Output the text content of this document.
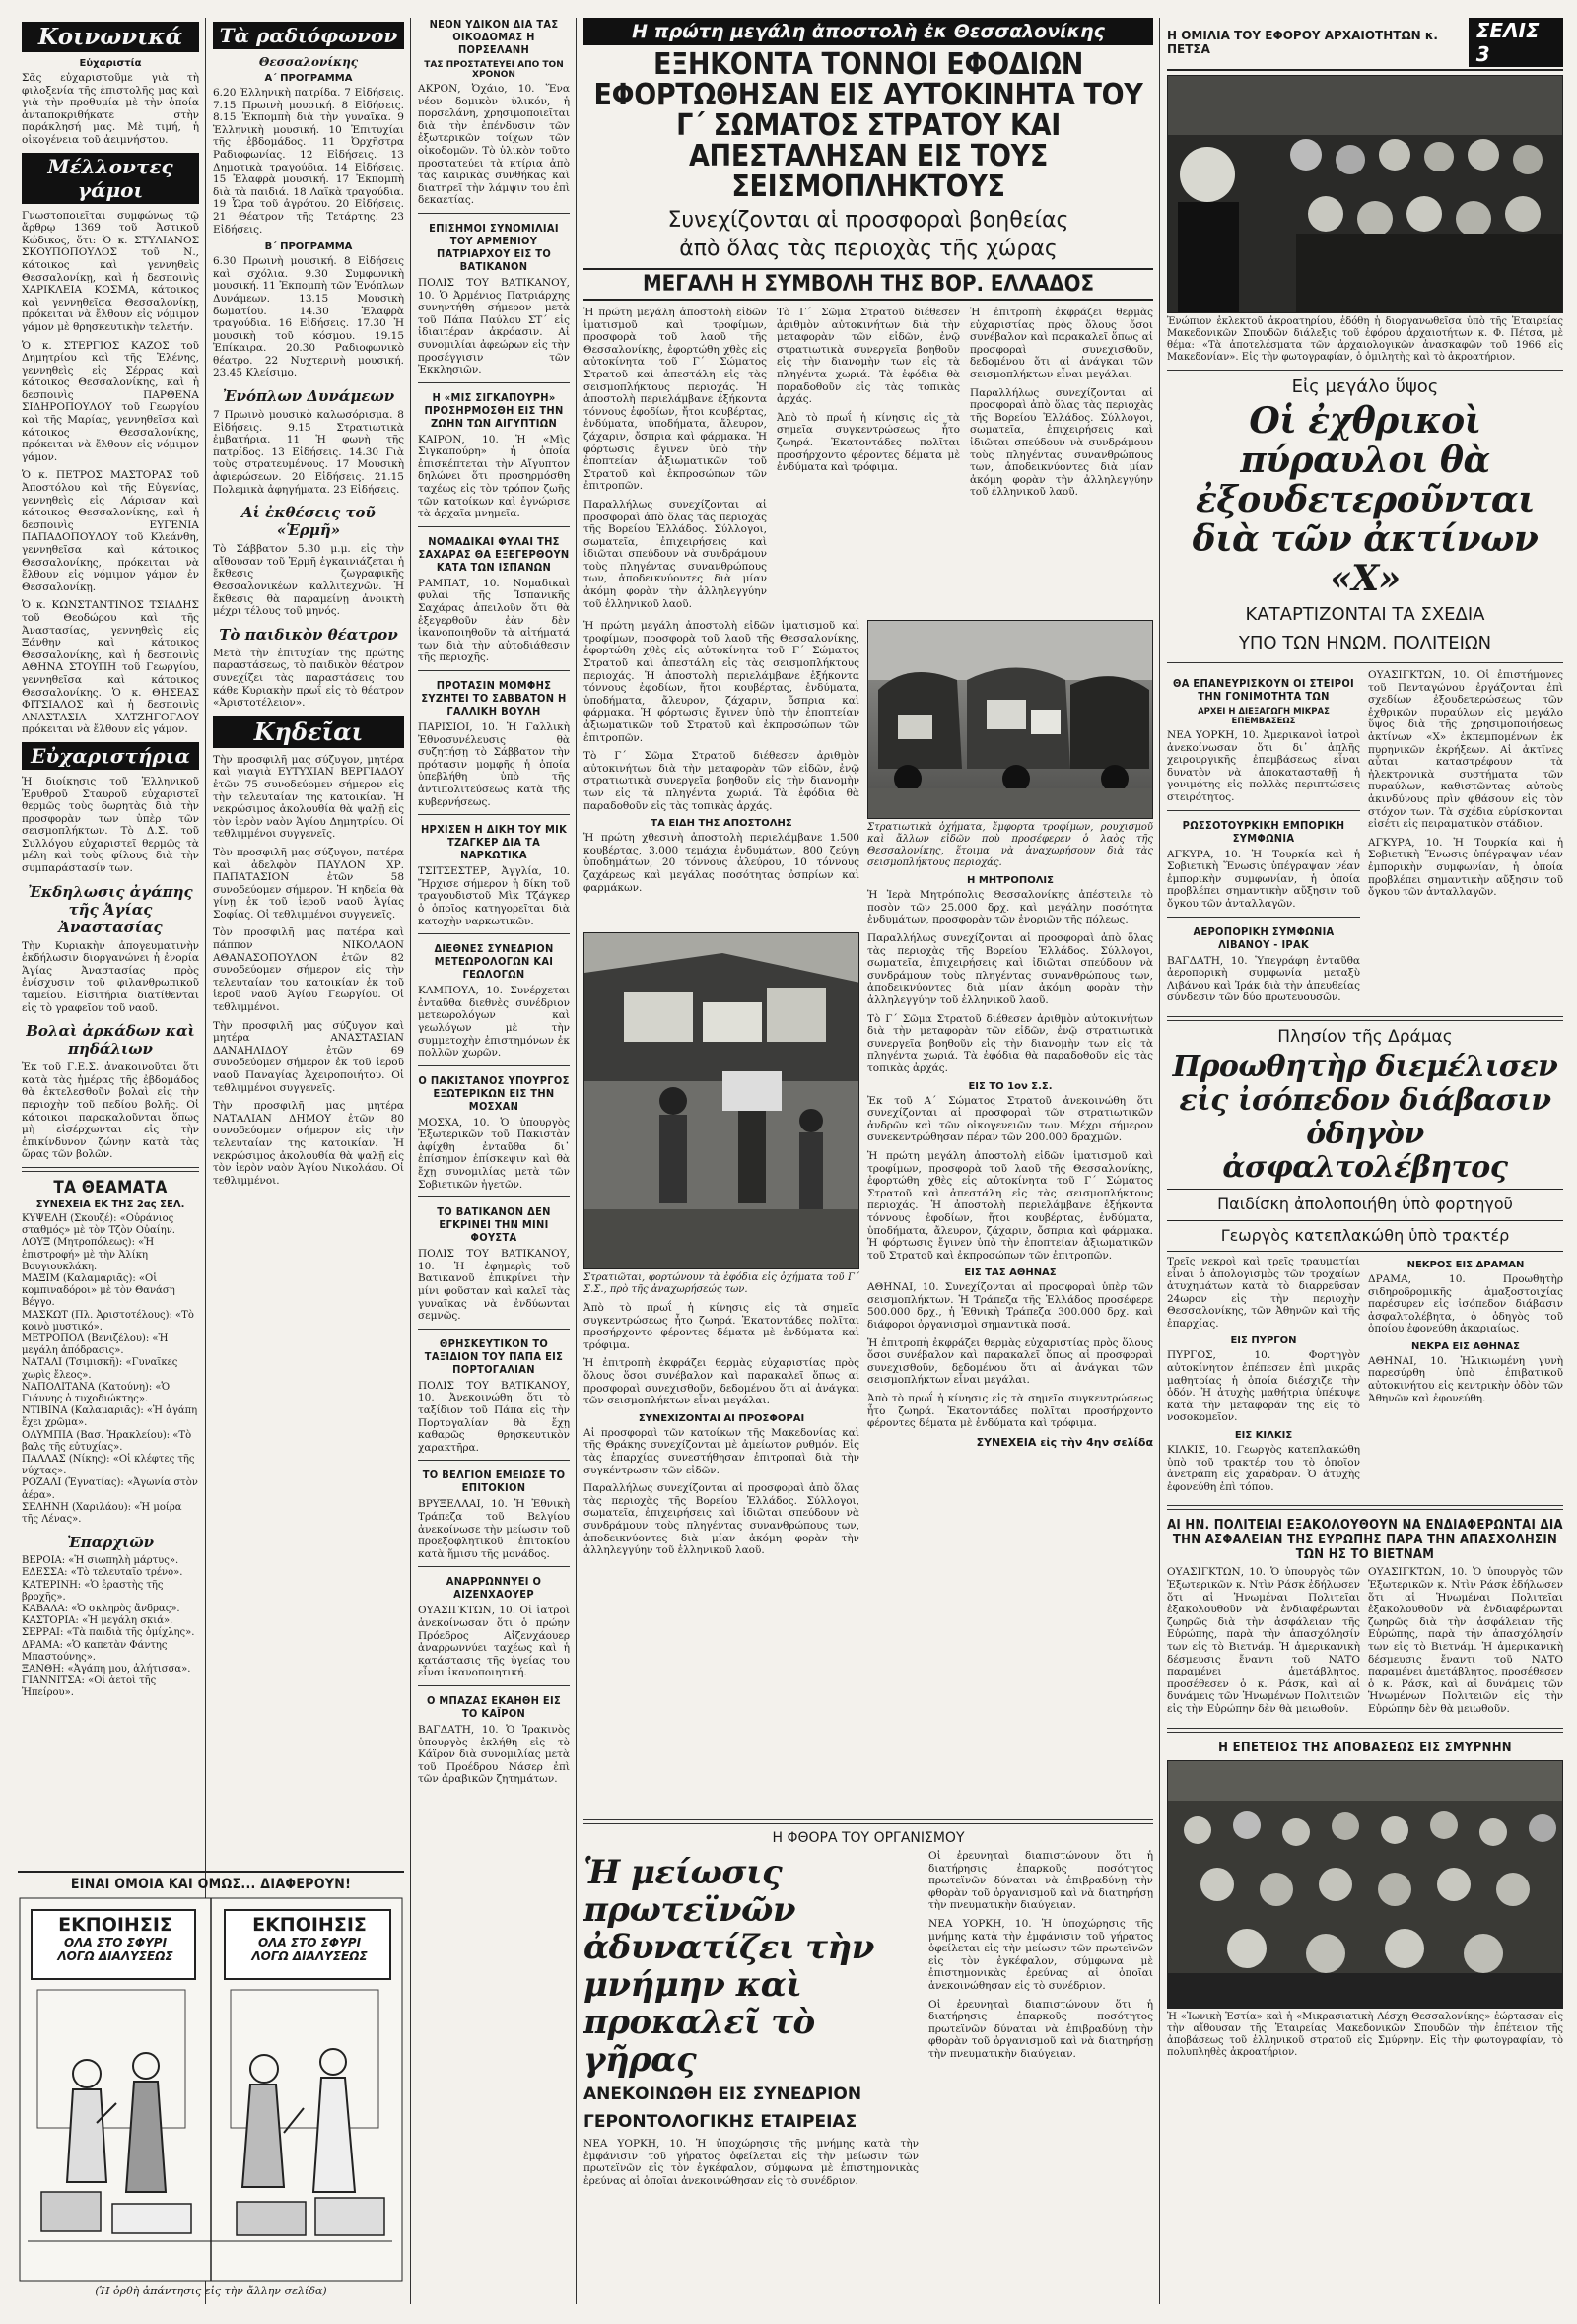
Κοινωνικά
Εὐχαριστία

Σᾶς εὐχαριστοῦμε γιὰ τὴ φιλοξενία τῆς ἐπιστολῆς μας καὶ γιὰ τὴν προθυμία μὲ τὴν ὁποία ἀνταποκριθήκατε στὴν παράκλησή μας. Μὲ τιμή, ἡ οἰκογένεια τοῦ ἀειμνήστου.

Μέλλοντες γάμοι

Γνωστοποιεῖται συμφώνως τῷ ἄρθρῳ 1369 τοῦ Ἀστικοῦ Κώδικος, ὅτι: Ὁ κ. ΣΤΥΛΙΑΝΟΣ ΣΚΟΥΠΟΠΟΥΛΟΣ τοῦ Ν., κάτοικος καὶ γεννηθεὶς Θεσσαλονίκῃ, καὶ ἡ δεσποινὶς ΧΑΡΙΚΛΕΙΑ ΚΟΣΜΑ, κάτοικος καὶ γεννηθεῖσα Θεσσαλονίκῃ, πρόκειται νὰ ἔλθουν εἰς νόμιμον γάμον μὲ θρησκευτικὴν τελετήν.

Ὁ κ. ΣΤΕΡΓΙΟΣ ΚΑΖΟΣ τοῦ Δημητρίου καὶ τῆς Ἑλένης, γεννηθεὶς εἰς Σέρρας καὶ κάτοικος Θεσσαλονίκης, καὶ ἡ δεσποινὶς ΠΑΡΘΕΝΑ ΣΙΔΗΡΟΠΟΥΛΟΥ τοῦ Γεωργίου καὶ τῆς Μαρίας, γεννηθεῖσα καὶ κάτοικος Θεσσαλονίκης, πρόκειται νὰ ἔλθουν εἰς νόμιμον γάμον.

Ὁ κ. ΠΕΤΡΟΣ ΜΑΣΤΟΡΑΣ τοῦ Ἀποστόλου καὶ τῆς Εὐγενίας, γεννηθεὶς εἰς Λάρισαν καὶ κάτοικος Θεσσαλονίκης, καὶ ἡ δεσποινὶς ΕΥΓΕΝΙΑ ΠΑΠΑΔΟΠΟΥΛΟΥ τοῦ Κλεάνθη, γεννηθεῖσα καὶ κάτοικος Θεσσαλονίκης, πρόκειται νὰ ἔλθουν εἰς νόμιμον γάμον ἐν Θεσσαλονίκῃ.

Ὁ κ. ΚΩΝΣΤΑΝΤΙΝΟΣ ΤΣΙΑΔΗΣ τοῦ Θεοδώρου καὶ τῆς Ἀναστασίας, γεννηθεὶς εἰς Ξάνθην καὶ κάτοικος Θεσσαλονίκης, καὶ ἡ δεσποινὶς ΑΘΗΝΑ ΣΤΟΥΠΗ τοῦ Γεωργίου, γεννηθεῖσα καὶ κάτοικος Θεσσαλονίκης. Ὁ κ. ΘΗΣΕΑΣ ΦΙΤΣΙΑΛΟΣ καὶ ἡ δεσποινὶς ΑΝΑΣΤΑΣΙΑ ΧΑΤΖΗΓΟΓΛΟΥ πρόκειται νὰ ἔλθουν εἰς γάμον.

Εὐχαριστήρια

Ἡ διοίκησις τοῦ Ἑλληνικοῦ Ἐρυθροῦ Σταυροῦ εὐχαριστεῖ θερμῶς τοὺς δωρητὰς διὰ τὴν προσφορὰν των ὑπὲρ τῶν σεισμοπλήκτων. Τὸ Δ.Σ. τοῦ Συλλόγου εὐχαριστεῖ θερμῶς τὰ μέλη καὶ τοὺς φίλους διὰ τὴν συμπαράστασίν των.

Ἐκδηλωσις ἀγάπης τῆς Ἁγίας Ἀναστασίας

Τὴν Κυριακὴν ἀπογευματινὴν ἐκδήλωσιν διοργανώνει ἡ ἐνορία Ἁγίας Ἀναστασίας πρὸς ἐνίσχυσιν τοῦ φιλανθρωπικοῦ ταμείου. Εἰσιτήρια διατίθενται εἰς τὸ γραφεῖον τοῦ ναοῦ.

Βολαὶ ἀρκάδων καὶ πηδάλιων

Ἐκ τοῦ Γ.Ε.Σ. ἀνακοινοῦται ὅτι κατὰ τὰς ἡμέρας τῆς ἐβδομάδος θὰ ἐκτελεσθοῦν βολαὶ εἰς τὴν περιοχὴν τοῦ πεδίου βολῆς. Οἱ κάτοικοι παρακαλοῦνται ὅπως μὴ εἰσέρχωνται εἰς τὴν ἐπικίνδυνον ζώνην κατὰ τὰς ὥρας τῶν βολῶν.

ΤΑ ΘΕΑΜΑΤΑ
ΣΥΝΕΧΕΙΑ ΕΚ ΤΗΣ 2ας ΣΕΛ.

ΚΥΨΕΛΗ (Σκουζέ): «Οὐράνιος σταθμός» μὲ τὸν Τζὸν Οὐαίην.

ΛΟΥΞ (Μητροπόλεως): «Ἡ ἐπιστροφή» μὲ τὴν Ἀλίκη Βουγιουκλάκη.

ΜΑΞΙΜ (Καλαμαριᾶς): «Οἱ κομπιναδόροι» μὲ τὸν Θανάση Βέγγο.

ΜΑΣΚΩΤ (Πλ. Ἀριστοτέλους): «Τὸ κοινὸ μυστικό».

ΜΕΤΡΟΠΟΛ (Βενιζέλου): «Ἡ μεγάλη ἀπόδρασις».

ΝΑΤΑΛΙ (Τσιμισκῆ): «Γυναῖκες χωρὶς ἔλεος».

ΝΑΠΟΛΙΤΑΝΑ (Κατούνη): «Ὁ Γιάννης ὁ τυχοδιώκτης».

ΝΤΙΒΙΝΑ (Καλαμαριᾶς): «Ἡ ἀγάπη ἔχει χρῶμα».

ΟΛΥΜΠΙΑ (Βασ. Ἡρακλείου): «Τὸ βαλς τῆς εὐτυχίας».

ΠΑΛΛΑΣ (Νίκης): «Οἱ κλέφτες τῆς νύχτας».

ΡΟΖΑΛΙ (Ἐγνατίας): «Ἀγωνία στὸν ἀέρα».

ΣΕΛΗΝΗ (Χαριλάου): «Ἡ μοίρα τῆς Λένας».

Ἐπαρχιῶν

ΒΕΡΟΙΑ: «Ἡ σιωπηλὴ μάρτυς».

ΕΔΕΣΣΑ: «Τὸ τελευταῖο τρένο».

ΚΑΤΕΡΙΝΗ: «Ὁ ἐραστὴς τῆς βροχῆς».

ΚΑΒΑΛΑ: «Ὁ σκληρὸς ἄνδρας».

ΚΑΣΤΟΡΙΑ: «Ἡ μεγάλη σκιά».

ΣΕΡΡΑΙ: «Τὰ παιδιὰ τῆς ὁμίχλης».

ΔΡΑΜΑ: «Ὁ καπετὰν Φάντης Μπαστούνης».

ΞΑΝΘΗ: «Ἀγάπη μου, ἀλήτισσα».

ΓΙΑΝΝΙΤΣΑ: «Οἱ ἀετοὶ τῆς Ἠπείρου».

ΕΙΝΑΙ ΟΜΟΙΑ ΚΑΙ ΟΜΩΣ... ΔΙΑΦΕΡΟΥΝ!
ΕΚΠΟΙΗΣΙΣ
ΟΛΑ ΣΤΟ ΣΦΥΡΙ
ΛΟΓΩ ΔΙΑΛΥΣΕΩΣ
ΕΚΠΟΙΗΣΙΣ
ΟΛΑ ΣΤΟ ΣΦΥΡΙ
ΛΟΓΩ ΔΙΑΛΥΣΕΩΣ
(Ἡ ὀρθὴ ἀπάντησις εἰς τὴν ἄλλην σελίδα)
Τὰ ραδιόφωνον
Θεσσαλονίκης
Α΄ ΠΡΟΓΡΑΜΜΑ

6.20 Ἑλληνικὴ πατρίδα. 7 Εἰδήσεις. 7.15 Πρωινὴ μουσική. 8 Εἰδήσεις. 8.15 Ἐκπομπὴ διὰ τὴν γυναῖκα. 9 Ἑλληνικὴ μουσική. 10 Ἐπιτυχίαι τῆς ἑβδομάδος. 11 Ὀρχῆστρα Ραδιοφωνίας. 12 Εἰδήσεις. 13 Δημοτικὰ τραγούδια. 14 Εἰδήσεις. 15 Ἐλαφρὰ μουσική. 17 Ἐκπομπὴ διὰ τὰ παιδιά. 18 Λαϊκὰ τραγούδια. 19 Ὧρα τοῦ ἀγρότου. 20 Εἰδήσεις. 21 Θέατρον τῆς Τετάρτης. 23 Εἰδήσεις.

Β΄ ΠΡΟΓΡΑΜΜΑ

6.30 Πρωινὴ μουσική. 8 Εἰδήσεις καὶ σχόλια. 9.30 Συμφωνικὴ μουσική. 11 Ἐκπομπὴ τῶν Ἐνόπλων Δυνάμεων. 13.15 Μουσικὴ δωματίου. 14.30 Ἐλαφρὰ τραγούδια. 16 Εἰδήσεις. 17.30 Ἡ μουσικὴ τοῦ κόσμου. 19.15 Ἐπίκαιρα. 20.30 Ραδιοφωνικὸ θέατρο. 22 Νυχτερινὴ μουσική. 23.45 Κλείσιμο.

Ἐνόπλων Δυνάμεων

7 Πρωινὸ μουσικὸ καλωσόρισμα. 8 Εἰδήσεις. 9.15 Στρατιωτικὰ ἐμβατήρια. 11 Ἡ φωνὴ τῆς πατρίδος. 13 Εἰδήσεις. 14.30 Γιὰ τοὺς στρατευμένους. 17 Μουσικὴ ἀφιερώσεων. 20 Εἰδήσεις. 21.15 Πολεμικὰ ἀφηγήματα. 23 Εἰδήσεις.

Αἱ ἐκθέσεις τοῦ «Ἑρμῆ»

Τὸ Σάββατον 5.30 μ.μ. εἰς τὴν αἴθουσαν τοῦ Ἑρμῆ ἐγκαινιάζεται ἡ ἔκθεσις ζωγραφικῆς Θεσσαλονικέων καλλιτεχνῶν. Ἡ ἔκθεσις θὰ παραμείνῃ ἀνοικτὴ μέχρι τέλους τοῦ μηνός.

Τὸ παιδικὸν θέατρον

Μετὰ τὴν ἐπιτυχίαν τῆς πρώτης παραστάσεως, τὸ παιδικὸν θέατρον συνεχίζει τὰς παραστάσεις του κάθε Κυριακὴν πρωΐ εἰς τὸ θέατρον «Ἀριστοτέλειον».

Κηδεῖαι

Τὴν προσφιλῆ μας σύζυγον, μητέρα καὶ γιαγιὰ ΕΥΤΥΧΙΑΝ ΒΕΡΓΙΑΔΟΥ ἐτῶν 75 συνοδεύομεν σήμερον εἰς τὴν τελευταίαν της κατοικίαν. Ἡ νεκρώσιμος ἀκολουθία θὰ ψαλῇ εἰς τὸν ἱερὸν ναὸν Ἁγίου Δημητρίου. Οἱ τεθλιμμένοι συγγενεῖς.

Τὸν προσφιλῆ μας σύζυγον, πατέρα καὶ ἀδελφὸν ΠΑΥΛΟΝ ΧΡ. ΠΑΠΑΤΑΣΙΟΝ ἐτῶν 58 συνοδεύομεν σήμερον. Ἡ κηδεία θὰ γίνῃ ἐκ τοῦ ἱεροῦ ναοῦ Ἁγίας Σοφίας. Οἱ τεθλιμμένοι συγγενεῖς.

Τὸν προσφιλῆ μας πατέρα καὶ πάππον ΝΙΚΟΛΑΟΝ ΑΘΑΝΑΣΟΠΟΥΛΟΝ ἐτῶν 82 συνοδεύομεν σήμερον εἰς τὴν τελευταίαν του κατοικίαν ἐκ τοῦ ἱεροῦ ναοῦ Ἁγίου Γεωργίου. Οἱ τεθλιμμένοι.

Τὴν προσφιλῆ μας σύζυγον καὶ μητέρα ΑΝΑΣΤΑΣΙΑΝ ΔΑΝΑΗΛΙΔΟΥ ἐτῶν 69 συνοδεύομεν σήμερον ἐκ τοῦ ἱεροῦ ναοῦ Παναγίας Ἀχειροποιήτου. Οἱ τεθλιμμένοι συγγενεῖς.

Τὴν προσφιλῆ μας μητέρα ΝΑΤΑΛΙΑΝ ΔΗΜΟΥ ἐτῶν 80 συνοδεύομεν σήμερον εἰς τὴν τελευταίαν της κατοικίαν. Ἡ νεκρώσιμος ἀκολουθία θὰ ψαλῇ εἰς τὸν ἱερὸν ναὸν Ἁγίου Νικολάου. Οἱ τεθλιμμένοι.

ΝΕΟΝ ΥΔΙΚΟΝ ΔΙΑ ΤΑΣ ΟΙΚΟΔΟΜΑΣ Η ΠΟΡΣΕΛΑΝΗ
ΤΑΣ ΠΡΟΣΤΑΤΕΥΕΙ ΑΠΟ ΤΟΝ ΧΡΟΝΟΝ

ΑΚΡΟΝ, Ὀχάιο, 10. Ἕνα νέον δομικὸν ὑλικόν, ἡ πορσελάνη, χρησιμοποιεῖται διὰ τὴν ἐπένδυσιν τῶν ἐξωτερικῶν τοίχων τῶν οἰκοδομῶν. Τὸ ὑλικὸν τοῦτο προστατεύει τὰ κτίρια ἀπὸ τὰς καιρικὰς συνθήκας καὶ διατηρεῖ τὴν λάμψιν του ἐπὶ δεκαετίας.

ΕΠΙΣΗΜΟΙ ΣΥΝΟΜΙΛΙΑΙ ΤΟΥ ΑΡΜΕΝΙΟΥ ΠΑΤΡΙΑΡΧΟΥ ΕΙΣ ΤΟ ΒΑΤΙΚΑΝΟΝ

ΠΟΛΙΣ ΤΟΥ ΒΑΤΙΚΑΝΟΥ, 10. Ὁ Ἀρμένιος Πατριάρχης συνηντήθη σήμερον μετὰ τοῦ Πάπα Παύλου ΣΤ΄ εἰς ἰδιαιτέραν ἀκρόασιν. Αἱ συνομιλίαι ἀφεώρων εἰς τὴν προσέγγισιν τῶν Ἐκκλησιῶν.

Η «ΜΙΣ ΣΙΓΚΑΠΟΥΡΗ» ΠΡΟΣΗΡΜΟΣΘΗ ΕΙΣ ΤΗΝ ΖΩΗΝ ΤΩΝ ΑΙΓΥΠΤΙΩΝ

ΚΑΙΡΟΝ, 10. Ἡ «Μὶς Σιγκαπούρη» ἡ ὁποία ἐπισκέπτεται τὴν Αἴγυπτον δηλώνει ὅτι προσηρμόσθη ταχέως εἰς τὸν τρόπον ζωῆς τῶν κατοίκων καὶ ἐγνώρισε τὰ ἀρχαῖα μνημεῖα.

ΝΟΜΑΔΙΚΑΙ ΦΥΛΑΙ ΤΗΣ ΣΑΧΑΡΑΣ ΘΑ ΕΞΕΓΕΡΘΟΥΝ ΚΑΤΑ ΤΩΝ ΙΣΠΑΝΩΝ

ΡΑΜΠΑΤ, 10. Νομαδικαὶ φυλαὶ τῆς Ἰσπανικῆς Σαχάρας ἀπειλοῦν ὅτι θὰ ἐξεγερθοῦν ἐὰν δὲν ἱκανοποιηθοῦν τὰ αἰτήματά των διὰ τὴν αὐτοδιάθεσιν τῆς περιοχῆς.

ΠΡΟΤΑΣΙΝ ΜΟΜΦΗΣ ΣΥΖΗΤΕΙ ΤΟ ΣΑΒΒΑΤΟΝ Η ΓΑΛΛΙΚΗ ΒΟΥΛΗ

ΠΑΡΙΣΙΟΙ, 10. Ἡ Γαλλικὴ Ἐθνοσυνέλευσις θὰ συζητήσῃ τὸ Σάββατον τὴν πρότασιν μομφῆς ἡ ὁποία ὑπεβλήθη ὑπὸ τῆς ἀντιπολιτεύσεως κατὰ τῆς κυβερνήσεως.

ΗΡΧΙΣΕΝ Η ΔΙΚΗ ΤΟΥ ΜΙΚ ΤΖΑΓΚΕΡ ΔΙΑ ΤΑ ΝΑΡΚΩΤΙΚΑ

ΤΣΙΤΣΕΣΤΕΡ, Ἀγγλία, 10. Ἤρχισε σήμερον ἡ δίκη τοῦ τραγουδιστοῦ Μὶκ Τζάγκερ ὁ ὁποῖος κατηγορεῖται διὰ κατοχὴν ναρκωτικῶν.

ΔΙΕΘΝΕΣ ΣΥΝΕΔΡΙΟΝ ΜΕΤΕΩΡΟΛΟΓΩΝ ΚΑΙ ΓΕΩΛΟΓΩΝ

ΚΑΜΠΟΥΛ, 10. Συνέρχεται ἐνταῦθα διεθνὲς συνέδριον μετεωρολόγων καὶ γεωλόγων μὲ τὴν συμμετοχὴν ἐπιστημόνων ἐκ πολλῶν χωρῶν.

Ο ΠΑΚΙΣΤΑΝΟΣ ΥΠΟΥΡΓΟΣ ΕΞΩΤΕΡΙΚΩΝ ΕΙΣ ΤΗΝ ΜΟΣΧΑΝ

ΜΟΣΧΑ, 10. Ὁ ὑπουργὸς Ἐξωτερικῶν τοῦ Πακιστὰν ἀφίχθη ἐνταῦθα δι᾽ ἐπίσημον ἐπίσκεψιν καὶ θὰ ἔχῃ συνομιλίας μετὰ τῶν Σοβιετικῶν ἡγετῶν.

ΤΟ ΒΑΤΙΚΑΝΟΝ ΔΕΝ ΕΓΚΡΙΝΕΙ ΤΗΝ ΜΙΝΙ ΦΟΥΣΤΑ

ΠΟΛΙΣ ΤΟΥ ΒΑΤΙΚΑΝΟΥ, 10. Ἡ ἐφημερὶς τοῦ Βατικανοῦ ἐπικρίνει τὴν μίνι φοῦσταν καὶ καλεῖ τὰς γυναῖκας νὰ ἐνδύωνται σεμνῶς.

ΘΡΗΣΚΕΥΤΙΚΟΝ ΤΟ ΤΑΞΙΔΙΟΝ ΤΟΥ ΠΑΠΑ ΕΙΣ ΠΟΡΤΟΓΑΛΙΑΝ

ΠΟΛΙΣ ΤΟΥ ΒΑΤΙΚΑΝΟΥ, 10. Ἀνεκοινώθη ὅτι τὸ ταξίδιον τοῦ Πάπα εἰς τὴν Πορτογαλίαν θὰ ἔχῃ καθαρῶς θρησκευτικὸν χαρακτῆρα.

ΤΟ ΒΕΛΓΙΟΝ ΕΜΕΙΩΣΕ ΤΟ ΕΠΙΤΟΚΙΟΝ

ΒΡΥΞΕΛΛΑΙ, 10. Ἡ Ἐθνικὴ Τράπεζα τοῦ Βελγίου ἀνεκοίνωσε τὴν μείωσιν τοῦ προεξοφλητικοῦ ἐπιτοκίου κατὰ ἥμισυ τῆς μονάδος.

ΑΝΑΡΡΩΝΝΥΕΙ Ο ΑΙΖΕΝΧΑΟΥΕΡ

ΟΥΑΣΙΓΚΤΩΝ, 10. Οἱ ἰατροὶ ἀνεκοίνωσαν ὅτι ὁ πρώην Πρόεδρος Αἰζενχάουερ ἀναρρωννύει ταχέως καὶ ἡ κατάστασις τῆς ὑγείας του εἶναι ἱκανοποιητική.

Ο ΜΠΑΖΑΣ ΕΚΑΗΘΗ ΕΙΣ ΤΟ ΚΑΪΡΟΝ

ΒΑΓΔΑΤΗ, 10. Ὁ Ἰρακινὸς ὑπουργὸς ἐκλήθη εἰς τὸ Κάϊρον διὰ συνομιλίας μετὰ τοῦ Προέδρου Νάσερ ἐπὶ τῶν ἀραβικῶν ζητημάτων.

Η πρώτη μεγάλη ἀποστολὴ ἐκ Θεσσαλονίκης
ΕΞΗΚΟΝΤΑ ΤΟΝΝΟΙ ΕΦΟΔΙΩΝ ΕΦΟΡΤΩΘΗΣΑΝ ΕΙΣ ΑΥΤΟΚΙΝΗΤΑ ΤΟΥ Γ΄ ΣΩΜΑΤΟΣ ΣΤΡΑΤΟΥ ΚΑΙ ΑΠΕΣΤΑΛΗΣΑΝ ΕΙΣ ΤΟΥΣ ΣΕΙΣΜΟΠΛΗΚΤΟΥΣ
Συνεχίζονται αἱ προσφοραὶ βοηθείας
ἀπὸ ὅλας τὰς περιοχὰς τῆς χώρας
ΜΕΓΑΛΗ Η ΣΥΜΒΟΛΗ ΤΗΣ ΒΟΡ. ΕΛΛΑΔΟΣ

Ἡ πρώτη μεγάλη ἀποστολὴ εἰδῶν ἰματισμοῦ καὶ τροφίμων, προσφορὰ τοῦ λαοῦ τῆς Θεσσαλονίκης, ἐφορτώθη χθὲς εἰς αὐτοκίνητα τοῦ Γ΄ Σώματος Στρατοῦ καὶ ἀπεστάλη εἰς τὰς σεισμοπλήκτους περιοχάς. Ἡ ἀποστολὴ περιελάμβανε ἑξήκοντα τόννους ἐφοδίων, ἤτοι κουβέρτας, ἐνδύματα, ὑποδήματα, ἄλευρον, ζάχαριν, ὄσπρια καὶ φάρμακα. Ἡ φόρτωσις ἔγινεν ὑπὸ τὴν ἐποπτείαν ἀξιωματικῶν τοῦ Στρατοῦ καὶ ἐκπροσώπων τῶν ἐπιτροπῶν.

Παραλλήλως συνεχίζονται αἱ προσφοραὶ ἀπὸ ὅλας τὰς περιοχὰς τῆς Βορείου Ἑλλάδος. Σύλλογοι, σωματεῖα, ἐπιχειρήσεις καὶ ἰδιῶται σπεύδουν νὰ συνδράμουν τοὺς πληγέντας συνανθρώπους των, ἀποδεικνύοντες διὰ μίαν ἀκόμη φορὰν τὴν ἀλληλεγγύην τοῦ ἑλληνικοῦ λαοῦ.

Τὸ Γ΄ Σῶμα Στρατοῦ διέθεσεν ἀριθμὸν αὐτοκινήτων διὰ τὴν μεταφορὰν τῶν εἰδῶν, ἐνῷ στρατιωτικὰ συνεργεῖα βοηθοῦν εἰς τὴν διανομὴν των εἰς τὰ πληγέντα χωριά. Τὰ ἐφόδια θὰ παραδοθοῦν εἰς τὰς τοπικὰς ἀρχάς.

Ἀπὸ τὸ πρωΐ ἡ κίνησις εἰς τὰ σημεῖα συγκεντρώσεως ἦτο ζωηρά. Ἑκατοντάδες πολῖται προσήρχοντο φέροντες δέματα μὲ ἐνδύματα καὶ τρόφιμα.

Ἡ ἐπιτροπὴ ἐκφράζει θερμὰς εὐχαριστίας πρὸς ὅλους ὅσοι συνέβαλον καὶ παρακαλεῖ ὅπως αἱ προσφοραὶ συνεχισθοῦν, δεδομένου ὅτι αἱ ἀνάγκαι τῶν σεισμοπλήκτων εἶναι μεγάλαι.

Παραλλήλως συνεχίζονται αἱ προσφοραὶ ἀπὸ ὅλας τὰς περιοχὰς τῆς Βορείου Ἑλλάδος. Σύλλογοι, σωματεῖα, ἐπιχειρήσεις καὶ ἰδιῶται σπεύδουν νὰ συνδράμουν τοὺς πληγέντας συνανθρώπους των, ἀποδεικνύοντες διὰ μίαν ἀκόμη φορὰν τὴν ἀλληλεγγύην τοῦ ἑλληνικοῦ λαοῦ.

Ἡ πρώτη μεγάλη ἀποστολὴ εἰδῶν ἰματισμοῦ καὶ τροφίμων, προσφορὰ τοῦ λαοῦ τῆς Θεσσαλονίκης, ἐφορτώθη χθὲς εἰς αὐτοκίνητα τοῦ Γ΄ Σώματος Στρατοῦ καὶ ἀπεστάλη εἰς τὰς σεισμοπλήκτους περιοχάς. Ἡ ἀποστολὴ περιελάμβανε ἑξήκοντα τόννους ἐφοδίων, ἤτοι κουβέρτας, ἐνδύματα, ὑποδήματα, ἄλευρον, ζάχαριν, ὄσπρια καὶ φάρμακα. Ἡ φόρτωσις ἔγινεν ὑπὸ τὴν ἐποπτείαν ἀξιωματικῶν τοῦ Στρατοῦ καὶ ἐκπροσώπων τῶν ἐπιτροπῶν.

Τὸ Γ΄ Σῶμα Στρατοῦ διέθεσεν ἀριθμὸν αὐτοκινήτων διὰ τὴν μεταφορὰν τῶν εἰδῶν, ἐνῷ στρατιωτικὰ συνεργεῖα βοηθοῦν εἰς τὴν διανομὴν των εἰς τὰ πληγέντα χωριά. Τὰ ἐφόδια θὰ παραδοθοῦν εἰς τὰς τοπικὰς ἀρχάς.

ΤΑ ΕΙΔΗ ΤΗΣ ΑΠΟΣΤΟΛΗΣ

Ἡ πρώτη χθεσινὴ ἀποστολὴ περιελάμβανε 1.500 κουβέρτας, 3.000 τεμάχια ἐνδυμάτων, 800 ζεύγη ὑποδημάτων, 20 τόννους ἀλεύρου, 10 τόννους ζαχάρεως καὶ μεγάλας ποσότητας ὀσπρίων καὶ φαρμάκων.

Στρατιωτικὰ ὀχήματα, ἔμφορτα τροφίμων, ρουχισμοῦ καὶ ἄλλων εἰδῶν ποὺ προσέφερεν ὁ λαὸς τῆς Θεσσαλονίκης, ἕτοιμα νὰ ἀναχωρήσουν διὰ τὰς σεισμοπλήκτους περιοχάς.
Η ΜΗΤΡΟΠΟΛΙΣ

Ἡ Ἱερὰ Μητρόπολις Θεσσαλονίκης ἀπέστειλε τὸ ποσὸν τῶν 25.000 δρχ. καὶ μεγάλην ποσότητα ἐνδυμάτων, προσφορὰν τῶν ἐνοριῶν τῆς πόλεως.

Στρατιῶται, φορτώνουν τὰ ἐφόδια εἰς ὀχήματα τοῦ Γ΄ Σ.Σ., πρὸ τῆς ἀναχωρήσεώς των.

Ἀπὸ τὸ πρωΐ ἡ κίνησις εἰς τὰ σημεῖα συγκεντρώσεως ἦτο ζωηρά. Ἑκατοντάδες πολῖται προσήρχοντο φέροντες δέματα μὲ ἐνδύματα καὶ τρόφιμα.

Ἡ ἐπιτροπὴ ἐκφράζει θερμὰς εὐχαριστίας πρὸς ὅλους ὅσοι συνέβαλον καὶ παρακαλεῖ ὅπως αἱ προσφοραὶ συνεχισθοῦν, δεδομένου ὅτι αἱ ἀνάγκαι τῶν σεισμοπλήκτων εἶναι μεγάλαι.

ΣΥΝΕΧΙΖΟΝΤΑΙ ΑΙ ΠΡΟΣΦΟΡΑΙ

Αἱ προσφοραὶ τῶν κατοίκων τῆς Μακεδονίας καὶ τῆς Θράκης συνεχίζονται μὲ ἀμείωτον ρυθμόν. Εἰς τὰς ἐπαρχίας συνεστήθησαν ἐπιτροπαὶ διὰ τὴν συγκέντρωσιν τῶν εἰδῶν.

Παραλλήλως συνεχίζονται αἱ προσφοραὶ ἀπὸ ὅλας τὰς περιοχὰς τῆς Βορείου Ἑλλάδος. Σύλλογοι, σωματεῖα, ἐπιχειρήσεις καὶ ἰδιῶται σπεύδουν νὰ συνδράμουν τοὺς πληγέντας συνανθρώπους των, ἀποδεικνύοντες διὰ μίαν ἀκόμη φορὰν τὴν ἀλληλεγγύην τοῦ ἑλληνικοῦ λαοῦ.

Παραλλήλως συνεχίζονται αἱ προσφοραὶ ἀπὸ ὅλας τὰς περιοχὰς τῆς Βορείου Ἑλλάδος. Σύλλογοι, σωματεῖα, ἐπιχειρήσεις καὶ ἰδιῶται σπεύδουν νὰ συνδράμουν τοὺς πληγέντας συνανθρώπους των, ἀποδεικνύοντες διὰ μίαν ἀκόμη φορὰν τὴν ἀλληλεγγύην τοῦ ἑλληνικοῦ λαοῦ.

Τὸ Γ΄ Σῶμα Στρατοῦ διέθεσεν ἀριθμὸν αὐτοκινήτων διὰ τὴν μεταφορὰν τῶν εἰδῶν, ἐνῷ στρατιωτικὰ συνεργεῖα βοηθοῦν εἰς τὴν διανομὴν των εἰς τὰ πληγέντα χωριά. Τὰ ἐφόδια θὰ παραδοθοῦν εἰς τὰς τοπικὰς ἀρχάς.

ΕΙΣ ΤΟ 1ον Σ.Σ.

Ἐκ τοῦ Α΄ Σώματος Στρατοῦ ἀνεκοινώθη ὅτι συνεχίζονται αἱ προσφοραὶ τῶν στρατιωτικῶν ἀνδρῶν καὶ τῶν οἰκογενειῶν των. Μέχρι σήμερον συνεκεντρώθησαν πέραν τῶν 200.000 δραχμῶν.

Ἡ πρώτη μεγάλη ἀποστολὴ εἰδῶν ἰματισμοῦ καὶ τροφίμων, προσφορὰ τοῦ λαοῦ τῆς Θεσσαλονίκης, ἐφορτώθη χθὲς εἰς αὐτοκίνητα τοῦ Γ΄ Σώματος Στρατοῦ καὶ ἀπεστάλη εἰς τὰς σεισμοπλήκτους περιοχάς. Ἡ ἀποστολὴ περιελάμβανε ἑξήκοντα τόννους ἐφοδίων, ἤτοι κουβέρτας, ἐνδύματα, ὑποδήματα, ἄλευρον, ζάχαριν, ὄσπρια καὶ φάρμακα. Ἡ φόρτωσις ἔγινεν ὑπὸ τὴν ἐποπτείαν ἀξιωματικῶν τοῦ Στρατοῦ καὶ ἐκπροσώπων τῶν ἐπιτροπῶν.

ΕΙΣ ΤΑΣ ΑΘΗΝΑΣ

ΑΘΗΝΑΙ, 10. Συνεχίζονται αἱ προσφοραὶ ὑπὲρ τῶν σεισμοπλήκτων. Ἡ Τράπεζα τῆς Ἑλλάδος προσέφερε 500.000 δρχ., ἡ Ἐθνικὴ Τράπεζα 300.000 δρχ. καὶ διάφοροι ὀργανισμοὶ σημαντικὰ ποσά.

Ἡ ἐπιτροπὴ ἐκφράζει θερμὰς εὐχαριστίας πρὸς ὅλους ὅσοι συνέβαλον καὶ παρακαλεῖ ὅπως αἱ προσφοραὶ συνεχισθοῦν, δεδομένου ὅτι αἱ ἀνάγκαι τῶν σεισμοπλήκτων εἶναι μεγάλαι.

Ἀπὸ τὸ πρωΐ ἡ κίνησις εἰς τὰ σημεῖα συγκεντρώσεως ἦτο ζωηρά. Ἑκατοντάδες πολῖται προσήρχοντο φέροντες δέματα μὲ ἐνδύματα καὶ τρόφιμα.

ΣΥΝΕΧΕΙΑ εἰς τὴν 4ην σελίδα
Η ΦΘΟΡΑ ΤΟΥ ΟΡΓΑΝΙΣΜΟΥ
Ἡ μείωσις πρωτεϊνῶν ἀδυνατίζει τὴν μνήμην καὶ προκαλεῖ τὸ γῆρας
ΑΝΕΚΟΙΝΩΘΗ ΕΙΣ ΣΥΝΕΔΡΙΟΝ
ΓΕΡΟΝΤΟΛΟΓΙΚΗΣ ΕΤΑΙΡΕΙΑΣ

ΝΕΑ ΥΟΡΚΗ, 10. Ἡ ὑποχώρησις τῆς μνήμης κατὰ τὴν ἐμφάνισιν τοῦ γήρατος ὀφείλεται εἰς τὴν μείωσιν τῶν πρωτεϊνῶν εἰς τὸν ἐγκέφαλον, σύμφωνα μὲ ἐπιστημονικὰς ἐρεύνας αἱ ὁποῖαι ἀνεκοινώθησαν εἰς τὸ συνέδριον.

Οἱ ἐρευνηταὶ διαπιστώνουν ὅτι ἡ διατήρησις ἐπαρκοῦς ποσότητος πρωτεϊνῶν δύναται νὰ ἐπιβραδύνῃ τὴν φθορὰν τοῦ ὀργανισμοῦ καὶ νὰ διατηρήσῃ τὴν πνευματικὴν διαύγειαν.

ΝΕΑ ΥΟΡΚΗ, 10. Ἡ ὑποχώρησις τῆς μνήμης κατὰ τὴν ἐμφάνισιν τοῦ γήρατος ὀφείλεται εἰς τὴν μείωσιν τῶν πρωτεϊνῶν εἰς τὸν ἐγκέφαλον, σύμφωνα μὲ ἐπιστημονικὰς ἐρεύνας αἱ ὁποῖαι ἀνεκοινώθησαν εἰς τὸ συνέδριον.

Οἱ ἐρευνηταὶ διαπιστώνουν ὅτι ἡ διατήρησις ἐπαρκοῦς ποσότητος πρωτεϊνῶν δύναται νὰ ἐπιβραδύνῃ τὴν φθορὰν τοῦ ὀργανισμοῦ καὶ νὰ διατηρήσῃ τὴν πνευματικὴν διαύγειαν.

Η ΟΜΙΛΙΑ ΤΟΥ ΕΦΟΡΟΥ ΑΡΧΑΙΟΤΗΤΩΝ κ. ΠΕΤΣΑ
ΣΕΛΙΣ 3
Ἐνώπιον ἐκλεκτοῦ ἀκροατηρίου, ἐδόθη ἡ διοργανωθεῖσα ὑπὸ τῆς Ἑταιρείας Μακεδονικῶν Σπουδῶν διάλεξις τοῦ ἐφόρου ἀρχαιοτήτων κ. Φ. Πέτσα, μὲ θέμα: «Τὰ ἀποτελέσματα τῶν ἀρχαιολογικῶν ἀνασκαφῶν τοῦ 1966 εἰς Μακεδονίαν». Εἰς τὴν φωτογραφίαν, ὁ ὁμιλητὴς καὶ τὸ ἀκροατήριον.
Εἰς μεγάλο ὕψος
Οἱ ἐχθρικοὶ πύραυλοι θὰ ἐξουδετεροῦνται διὰ τῶν ἀκτίνων «Χ»
ΚΑΤΑΡΤΙΖΟΝΤΑΙ ΤΑ ΣΧΕΔΙΑ
ΥΠΟ ΤΩΝ ΗΝΩΜ. ΠΟΛΙΤΕΙΩΝ
ΘΑ ΕΠΑΝΕΥΡΙΣΚΟΥΝ ΟΙ ΣΤΕΙΡΟΙ ΤΗΝ ΓΟΝΙΜΟΤΗΤΑ ΤΩΝ
ΑΡΧΕΙ Η ΔΙΕΞΑΓΩΓΗ ΜΙΚΡΑΣ ΕΠΕΜΒΑΣΕΩΣ

ΝΕΑ ΥΟΡΚΗ, 10. Ἀμερικανοὶ ἰατροὶ ἀνεκοίνωσαν ὅτι δι᾽ ἁπλῆς χειρουργικῆς ἐπεμβάσεως εἶναι δυνατὸν νὰ ἀποκατασταθῇ ἡ γονιμότης εἰς πολλὰς περιπτώσεις στειρότητος.

ΡΩΣΣΟΤΟΥΡΚΙΚΗ ΕΜΠΟΡΙΚΗ ΣΥΜΦΩΝΙΑ

ΑΓΚΥΡΑ, 10. Ἡ Τουρκία καὶ ἡ Σοβιετικὴ Ἕνωσις ὑπέγραψαν νέαν ἐμπορικὴν συμφωνίαν, ἡ ὁποία προβλέπει σημαντικὴν αὔξησιν τοῦ ὄγκου τῶν ἀνταλλαγῶν.

ΑΕΡΟΠΟΡΙΚΗ ΣΥΜΦΩΝΙΑ ΛΙΒΑΝΟΥ - ΙΡΑΚ

ΒΑΓΔΑΤΗ, 10. Ὑπεγράφη ἐνταῦθα ἀεροπορικὴ συμφωνία μεταξὺ Λιβάνου καὶ Ἰράκ διὰ τὴν ἀπευθείας σύνδεσιν τῶν δύο πρωτευουσῶν.

ΟΥΑΣΙΓΚΤΩΝ, 10. Οἱ ἐπιστήμονες τοῦ Πενταγώνου ἐργάζονται ἐπὶ σχεδίων ἐξουδετερώσεως τῶν ἐχθρικῶν πυραύλων εἰς μεγάλο ὕψος διὰ τῆς χρησιμοποιήσεως ἀκτίνων «Χ» ἐκπεμπομένων ἐκ πυρηνικῶν ἐκρήξεων. Αἱ ἀκτῖνες αὗται καταστρέφουν τὰ ἠλεκτρονικὰ συστήματα τῶν πυραύλων, καθιστῶντας αὐτοὺς ἀκινδύνους πρὶν φθάσουν εἰς τὸν στόχον των. Τὰ σχέδια εὑρίσκονται εἰσέτι εἰς πειραματικὸν στάδιον.

ΑΓΚΥΡΑ, 10. Ἡ Τουρκία καὶ ἡ Σοβιετικὴ Ἕνωσις ὑπέγραψαν νέαν ἐμπορικὴν συμφωνίαν, ἡ ὁποία προβλέπει σημαντικὴν αὔξησιν τοῦ ὄγκου τῶν ἀνταλλαγῶν.

Πλησίον τῆς Δράμας
Προωθητὴρ διεμέλισεν εἰς ἰσόπεδον διάβασιν ὁδηγὸν ἀσφαλτολέβητος
Παιδίσκη ἀπολοποιήθη ὑπὸ φορτηγοῦ
Γεωργὸς κατεπλακώθη ὑπὸ τρακτέρ

Τρεῖς νεκροὶ καὶ τρεῖς τραυματίαι εἶναι ὁ ἀπολογισμὸς τῶν τροχαίων ἀτυχημάτων κατὰ τὸ διαρρεῦσαν 24ωρον εἰς τὴν περιοχὴν Θεσσαλονίκης, τῶν Ἀθηνῶν καὶ τῆς ἐπαρχίας.

ΕΙΣ ΠΥΡΓΟΝ

ΠΥΡΓΟΣ, 10. Φορτηγὸν αὐτοκίνητον ἐπέπεσεν ἐπὶ μικρᾶς μαθητρίας ἡ ὁποία διέσχιζε τὴν ὁδόν. Ἡ ἀτυχὴς μαθήτρια ὑπέκυψε κατὰ τὴν μεταφοράν της εἰς τὸ νοσοκομεῖον.

ΕΙΣ ΚΙΛΚΙΣ

ΚΙΛΚΙΣ, 10. Γεωργὸς κατεπλακώθη ὑπὸ τοῦ τρακτέρ του τὸ ὁποῖον ἀνετράπη εἰς χαράδραν. Ὁ ἀτυχὴς ἐφονεύθη ἐπὶ τόπου.

ΝΕΚΡΟΣ ΕΙΣ ΔΡΑΜΑΝ

ΔΡΑΜΑ, 10. Προωθητὴρ σιδηροδρομικῆς ἁμαξοστοιχίας παρέσυρεν εἰς ἰσόπεδον διάβασιν ἀσφαλτολέβητα, ὁ ὁδηγὸς τοῦ ὁποίου ἐφονεύθη ἀκαριαίως.

ΝΕΚΡΑ ΕΙΣ ΑΘΗΝΑΣ

ΑΘΗΝΑΙ, 10. Ἡλικιωμένη γυνὴ παρεσύρθη ὑπὸ ἐπιβατικοῦ αὐτοκινήτου εἰς κεντρικὴν ὁδὸν τῶν Ἀθηνῶν καὶ ἐφονεύθη.

ΑΙ ΗΝ. ΠΟΛΙΤΕΙΑΙ ΕΞΑΚΟΛΟΥΘΟΥΝ ΝΑ ΕΝΔΙΑΦΕΡΩΝΤΑΙ ΔΙΑ ΤΗΝ ΑΣΦΑΛΕΙΑΝ ΤΗΣ ΕΥΡΩΠΗΣ ΠΑΡΑ ΤΗΝ ΑΠΑΣΧΟΛΗΣΙΝ ΤΩΝ ΗΣ ΤΟ ΒΙΕΤΝΑΜ

ΟΥΑΣΙΓΚΤΩΝ, 10. Ὁ ὑπουργὸς τῶν Ἐξωτερικῶν κ. Ντὶν Ράσκ ἐδήλωσεν ὅτι αἱ Ἡνωμέναι Πολιτεῖαι ἐξακολουθοῦν νὰ ἐνδιαφέρωνται ζωηρῶς διὰ τὴν ἀσφάλειαν τῆς Εὐρώπης, παρὰ τὴν ἀπασχόλησίν των εἰς τὸ Βιετνάμ. Ἡ ἀμερικανικὴ δέσμευσις ἔναντι τοῦ ΝΑΤΟ παραμένει ἀμετάβλητος, προσέθεσεν ὁ κ. Ράσκ, καὶ αἱ δυνάμεις τῶν Ἡνωμένων Πολιτειῶν εἰς τὴν Εὐρώπην δὲν θὰ μειωθοῦν.

ΟΥΑΣΙΓΚΤΩΝ, 10. Ὁ ὑπουργὸς τῶν Ἐξωτερικῶν κ. Ντὶν Ράσκ ἐδήλωσεν ὅτι αἱ Ἡνωμέναι Πολιτεῖαι ἐξακολουθοῦν νὰ ἐνδιαφέρωνται ζωηρῶς διὰ τὴν ἀσφάλειαν τῆς Εὐρώπης, παρὰ τὴν ἀπασχόλησίν των εἰς τὸ Βιετνάμ. Ἡ ἀμερικανικὴ δέσμευσις ἔναντι τοῦ ΝΑΤΟ παραμένει ἀμετάβλητος, προσέθεσεν ὁ κ. Ράσκ, καὶ αἱ δυνάμεις τῶν Ἡνωμένων Πολιτειῶν εἰς τὴν Εὐρώπην δὲν θὰ μειωθοῦν.

Η ΕΠΕΤΕΙΟΣ ΤΗΣ ΑΠΟΒΑΣΕΩΣ ΕΙΣ ΣΜΥΡΝΗΝ
Ἡ «Ἰωνικὴ Ἑστία» καὶ ἡ «Μικρασιατικὴ Λέσχη Θεσσαλονίκης» ἑώρτασαν εἰς τὴν αἴθουσαν τῆς Ἑταιρείας Μακεδονικῶν Σπουδῶν τὴν ἐπέτειον τῆς ἀποβάσεως τοῦ ἑλληνικοῦ στρατοῦ εἰς Σμύρνην. Εἰς τὴν φωτογραφίαν, τὸ πολυπληθὲς ἀκροατήριον.
